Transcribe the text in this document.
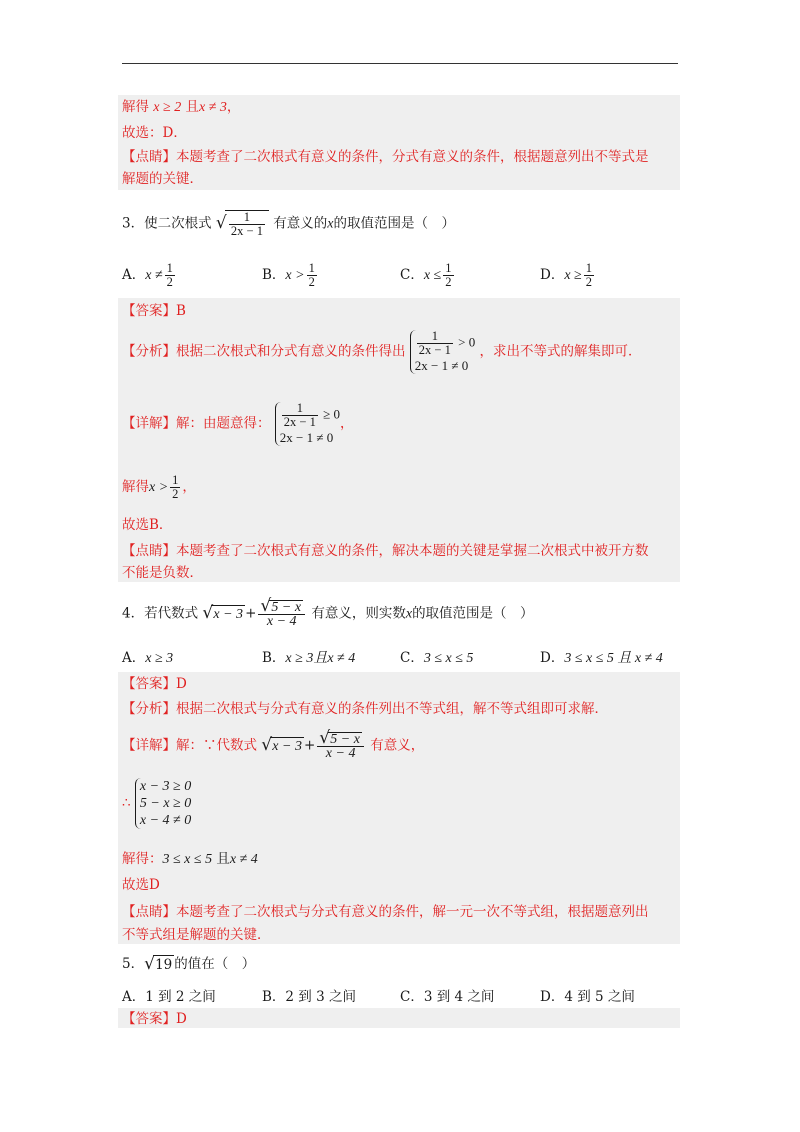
解得 x ≥ 2 且x ≠ 3，
故选：D．
【点睛】本题考查了二次根式有意义的条件，分式有意义的条件，根据题意列出不等式是
解题的关键．
3．使二次根式 √ $\frac{1}{2x - 1}$ 有意义的x的取值范围是（　）
A．$x \ne \frac{1}{2}$	B．$x > \frac{1}{2}$	C．$x \le \frac{1}{2}$	D．$x \ge \frac{1}{2}$
【答案】B
【分析】根据二次根式和分式有意义的条件得出 $\frac{1}{2x - 1} > 0$
2x − 1 ≠ 0
，求出不等式的解集即可．
【详解】解：由题意得： $\frac{1}{2x - 1} \ge 0$
2x − 1 ≠ 0
，
解得$x > \frac{1}{2}$ ，
故选B．
【点睛】本题考查了二次根式有意义的条件，解决本题的关键是掌握二次根式中被开方数
不能是负数．
4．若代数式 √ $x - 3 + \frac{√ 5 - x}{x - 4}$ 有意义，则实数x的取值范围是（　）
A．x ≥ 3	B．x ≥ 3且x ≠ 4	C．3 ≤ x ≤ 5	D．3 ≤ x ≤ 5 且 x ≠ 4
【答案】D
【分析】根据二次根式与分式有意义的条件列出不等式组，解不等式组即可求解．
【详解】解：∵代数式 √ $x - 3 + \frac{√ 5 - x}{x - 4}$ 有意义，
∴
x − 3 ≥ 0
5 − x ≥ 0
x − 4 ≠ 0
解得：3 ≤ x ≤ 5 且x ≠ 4
故选D
【点睛】本题考查了二次根式与分式有意义的条件，解一元一次不等式组，根据题意列出
不等式组是解题的关键．
5． √ 19 的值在（　）
A．1 到 2 之间	B．2 到 3 之间	C．3 到 4 之间	D．4 到 5 之间
【答案】D
